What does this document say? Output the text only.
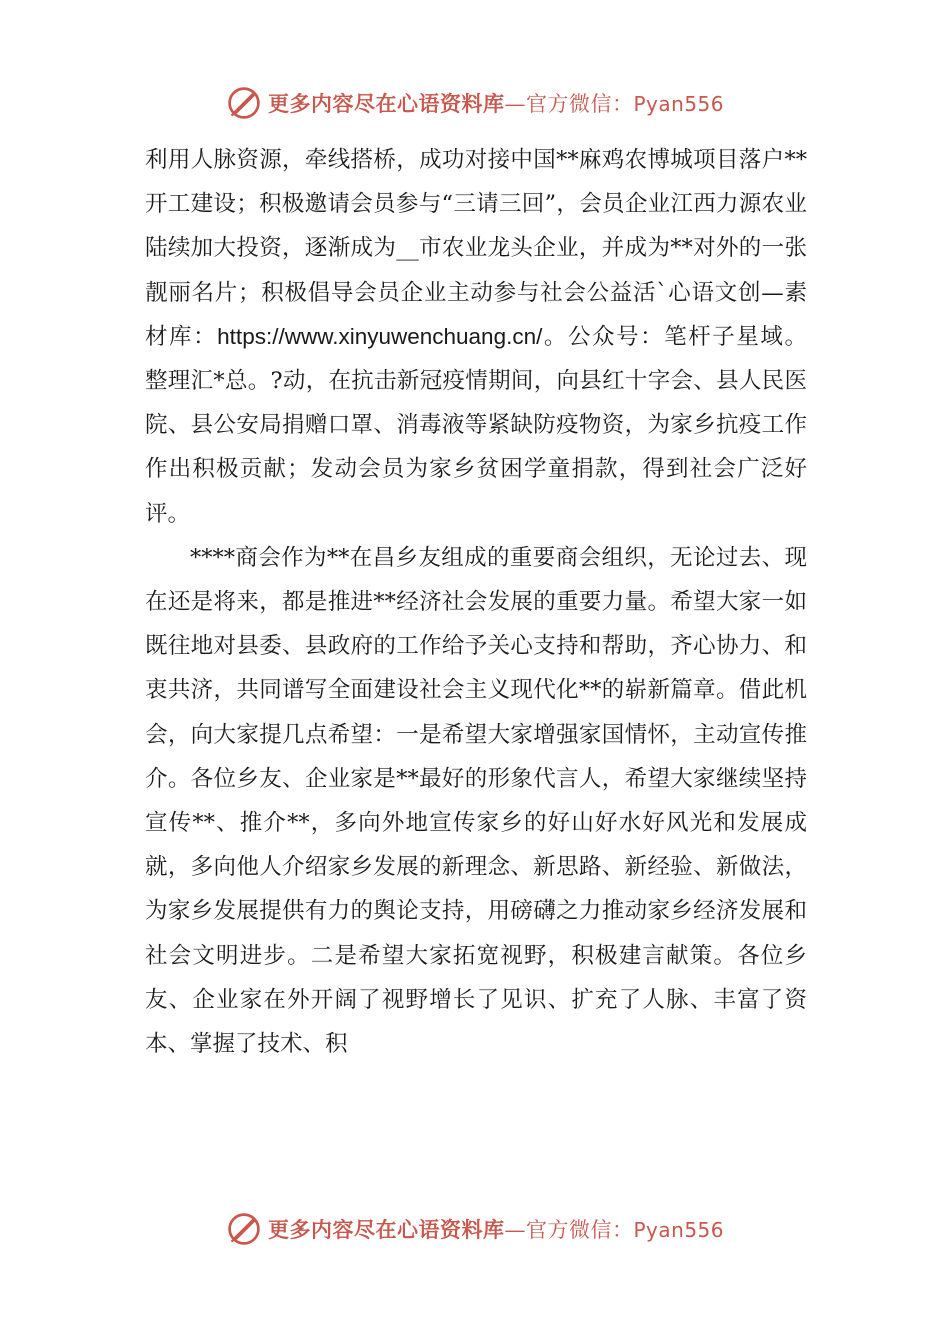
更多内容尽在心语资料库—官方微信：Pyan556

利用人脉资源，牵线搭桥，成功对接中国**麻鸡农博城项目落户**开工建设；积极邀请会员参与“三请三回”，会员企业江西力源农业陆续加大投资，逐渐成为__市农业龙头企业，并成为**对外的一张靓丽名片；积极倡导会员企业主动参与社会公益活`心语文创—素材库：https://www.xinyuwenchuang.cn/。公众号：笔杆子星域。整理汇*总。?动，在抗击新冠疫情期间，向县红十字会、县人民医院、县公安局捐赠口罩、消毒液等紧缺防疫物资，为家乡抗疫工作作出积极贡献；发动会员为家乡贫困学童捐款，得到社会广泛好评。

****商会作为**在昌乡友组成的重要商会组织，无论过去、现在还是将来，都是推进**经济社会发展的重要力量。希望大家一如既往地对县委、县政府的工作给予关心支持和帮助，齐心协力、和衷共济，共同谱写全面建设社会主义现代化**的崭新篇章。借此机会，向大家提几点希望：一是希望大家增强家国情怀，主动宣传推介。各位乡友、企业家是**最好的形象代言人，希望大家继续坚持宣传**、推介**，多向外地宣传家乡的好山好水好风光和发展成就，多向他人介绍家乡发展的新理念、新思路、新经验、新做法，为家乡发展提供有力的舆论支持，用磅礴之力推动家乡经济发展和社会文明进步。二是希望大家拓宽视野，积极建言献策。各位乡友、企业家在外开阔了视野增长了见识、扩充了人脉、丰富了资本、掌握了技术、积

更多内容尽在心语资料库—官方微信：Pyan556
